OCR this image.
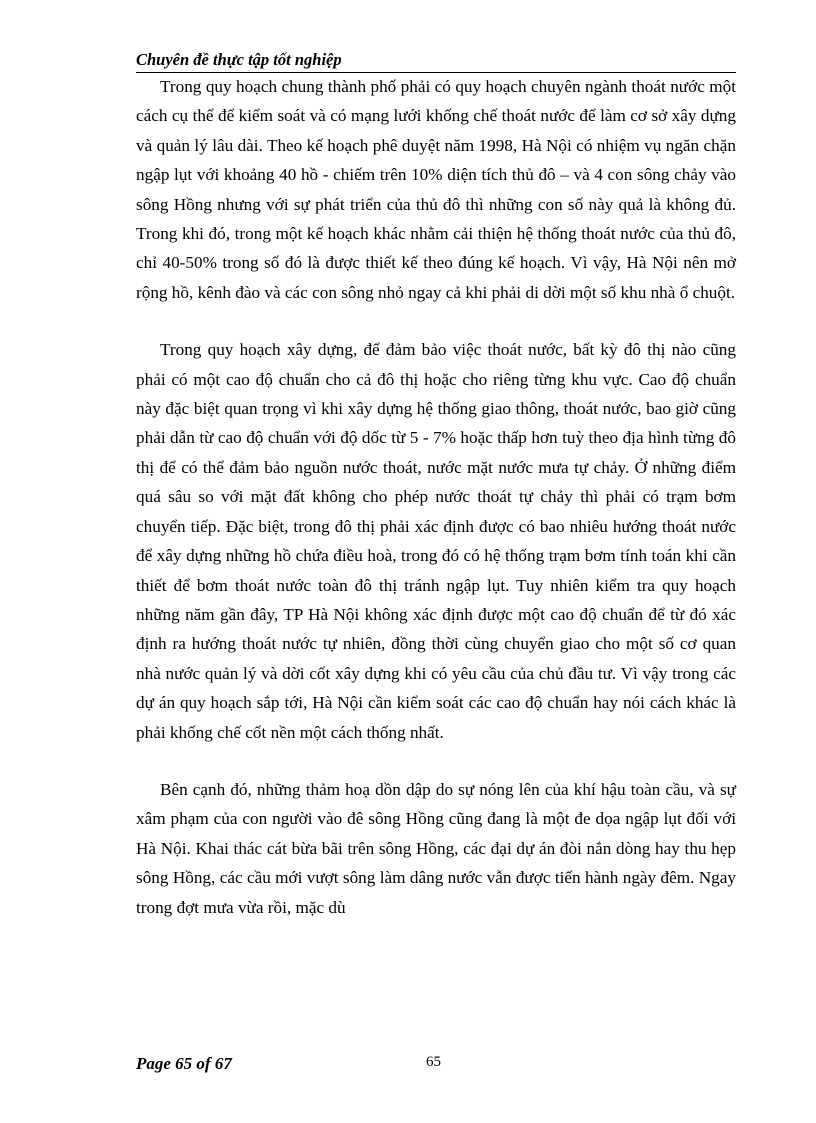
Chuyên đề thực tập tốt nghiệp

Trong quy hoạch chung thành phố phải có quy hoạch chuyên ngành thoát nước một cách cụ thể để kiểm soát và có mạng lưới khống chế thoát nước để làm cơ sở xây dựng và quản lý lâu dài. Theo kế hoạch phê duyệt năm 1998, Hà Nội có nhiệm vụ ngăn chặn ngập lụt với khoảng 40 hồ - chiếm trên 10% diện tích thủ đô – và 4 con sông chảy vào sông Hồng nhưng với sự phát triển của thủ đô thì những con số này quả là không đủ. Trong khi đó, trong một kế hoạch khác nhằm cải thiện hệ thống thoát nước của thủ đô, chỉ 40-50% trong số đó là được thiết kế theo đúng kế hoạch. Vì vậy, Hà Nội nên mở rộng hồ, kênh đào và các con sông nhỏ ngay cả khi phải di dời một số khu nhà ổ chuột.

Trong quy hoạch xây dựng, để đảm bảo việc thoát nước, bất kỳ đô thị nào cũng phải có một cao độ chuẩn cho cả đô thị hoặc cho riêng từng khu vực. Cao độ chuẩn này đặc biệt quan trọng vì khi xây dựng hệ thống giao thông, thoát nước, bao giờ cũng phải dẫn từ cao độ chuẩn với độ dốc từ 5 - 7% hoặc thấp hơn tuỳ theo địa hình từng đô thị để có thể đảm bảo nguồn nước thoát, nước mặt nước mưa tự chảy. Ở những điểm quá sâu so với mặt đất không cho phép nước thoát tự chảy thì phải có trạm bơm chuyển tiếp. Đặc biệt, trong đô thị phải xác định được có bao nhiêu hướng thoát nước để xây dựng những hồ chứa điều hoà, trong đó có hệ thống trạm bơm tính toán khi cần thiết để bơm thoát nước toàn đô thị tránh ngập lụt. Tuy nhiên kiểm tra quy hoạch những năm gần đây, TP Hà Nội không xác định được một cao độ chuẩn để từ đó xác định ra hướng thoát nước tự nhiên, đồng thời cùng chuyển giao cho một số cơ quan nhà nước quản lý và dời cốt xây dựng khi có yêu cầu của chủ đầu tư. Vì vậy trong các dự án quy hoạch sắp tới, Hà Nội cần kiểm soát các cao độ chuẩn hay nói cách khác là phải khống chế cốt nền một cách thống nhất.

Bên cạnh đó, những thảm hoạ dồn dập do sự nóng lên của khí hậu toàn cầu, và sự xâm phạm của con người vào đê sông Hồng cũng đang là một đe dọa ngập lụt đối với Hà Nội. Khai thác cát bừa bãi trên sông Hồng, các đại dự án đòi nắn dòng hay thu hẹp sông Hồng, các cầu mới vượt sông làm dâng nước vẫn được tiến hành ngày đêm. Ngay trong đợt mưa vừa rồi, mặc dù

Page 65 of 67	65
